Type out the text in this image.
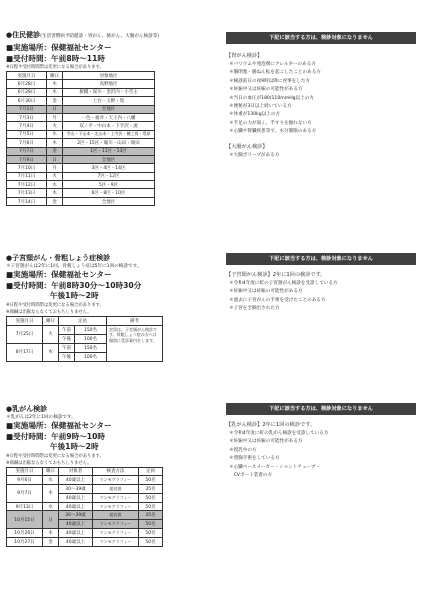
●住民健診(生活習慣病予防健診・胃がん、肺がん、大腸がん検診等)
■実施場所：保健福祉センター
■受付時間：午前8時〜11時
※日程や受付時間帯は変更になる場合があります。
実施月日	曜日	対象地区
6月28日	木	高野地区
6月29日	木	板橋・泥川・金沢内・小雪主
6月30日	金	上台・玉野・堤
7月2日	日	全地区
7月3日	月	一色・福井・天王内・八幡
7月4日	火	双ノ平・中山本・下手沢・流
7月5日	水	寺山・下山本・北山本・上寺沢・樋之岡・堤原
7月6日	木	2区・15区・堀川・山田・岡田
7月7日	金	1区・11区・13区
7月9日	日	全地区
7月10日	月	3区・4区・14区
7月11日	火	7区・12区
7月12日	水	5区・9区
7月13日	木	6区・8区・10区
7月14日	金	全地区
下記に該当する方は、検診対象になりません
【胃がん検診】
＊バリウムや発泡剤にアレルギーのある方
＊腸閉塞・腸ねん転を起こしたことのある方
＊検診前日の夜9時以降に食事をした方
＊妊娠中又は妊娠の可能性がある方
＊当日の血圧が180/110mmHg以上の方
＊便秘が3日以上続いている方
＊体重が130kg以上の方
＊手足の力が弱く、手すりを握れない方
＊心臓や腎臓疾患等で、水分制限のある方
【大腸がん検診】
＊大腸ポリープがある方
●子宮頸がん・骨粗しょう症検診
＊子宮頸がんは2年に1回、骨粗しょう症は5年に1回の検診です。
■実施場所：保健福祉センター
■受付時間：午前8時30分〜10時30分
午後1時〜2時
※日程や受付時間帯は変更になる場合があります。
※節鍼は出鬆ならなくておもちしりません。
実施月日	曜日	定員		備考
7月25日	火	午前	150名	定員は、子宮頸がん検診です。骨粗しょう症の方へは個別に受診案内をします。
		午後	100名	
8月17日	木	午前	150名	
		午後	100名	
下記に該当する方は、検診対象になりません
【子宮頸がん検診】2年に1回の検診です。
＊令和4年度に町の子宮頸がん検診を受診している方
＊妊娠中又は妊娠の可能性がある方
＊過去に子宮がんの手術を受けたことのある方
＊子宮を全摘出された方
●乳がん検診
＊乳がんは2年に1回の検診です。
■実施場所：保健福祉センター
■受付時間：午前9時〜10時
午後1時〜2時
※日程や受付時間帯は変更になる場合があります。
※節鍼は出鬆ならなくておもちしりません。
実施月日	曜日	対象者	検査方法	定員
9月6日	水	40歳以上	マンモグラフィー	50名
9月7日	木	30〜39歳	超音波	35名
		40歳以上	マンモグラフィー	50名
9月13日	水	40歳以上	マンモグラフィー	50名
10月15日	日	30〜39歳	超音波	35名
		40歳以上	マンモグラフィー	50名
10月26日	木	40歳以上	マンモグラフィー	50名
10月27日	金	40歳以上	マンモグラフィー	50名
下記に該当する方は、検診対象になりません
【乳がん検診】2年に1回の検診です。
＊令和4年度に町の乳がん検診を受診している方
＊妊娠中又は妊娠の可能性がある方
＊授乳中の方
＊豊胸手術をしている方
＊心臓ペースメーカー・シャントチューブ・
　CVポート装着の方
